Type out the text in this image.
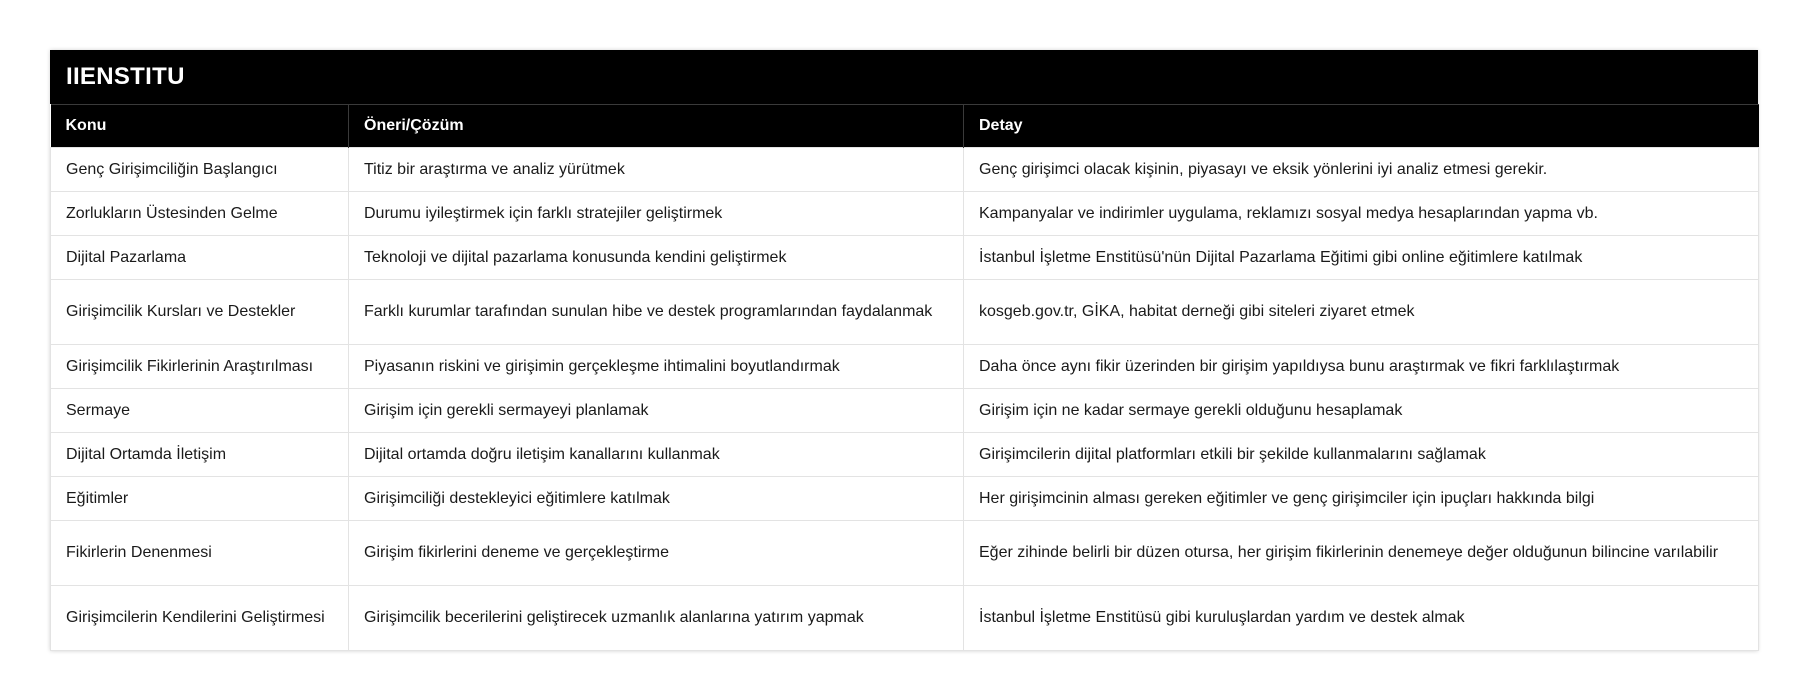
IIENSTITU
Konu	Öneri/Çözüm	Detay
Genç Girişimciliğin Başlangıcı	Titiz bir araştırma ve analiz yürütmek	Genç girişimci olacak kişinin, piyasayı ve eksik yönlerini iyi analiz etmesi gerekir.
Zorlukların Üstesinden Gelme	Durumu iyileştirmek için farklı stratejiler geliştirmek	Kampanyalar ve indirimler uygulama, reklamızı sosyal medya hesaplarından yapma vb.
Dijital Pazarlama	Teknoloji ve dijital pazarlama konusunda kendini geliştirmek	İstanbul İşletme Enstitüsü'nün Dijital Pazarlama Eğitimi gibi online eğitimlere katılmak
Girişimcilik Kursları ve Destekler	Farklı kurumlar tarafından sunulan hibe ve destek programlarından faydalanmak	kosgeb.gov.tr, GİKA, habitat derneği gibi siteleri ziyaret etmek
Girişimcilik Fikirlerinin Araştırılması	Piyasanın riskini ve girişimin gerçekleşme ihtimalini boyutlandırmak	Daha önce aynı fikir üzerinden bir girişim yapıldıysa bunu araştırmak ve fikri farklılaştırmak
Sermaye	Girişim için gerekli sermayeyi planlamak	Girişim için ne kadar sermaye gerekli olduğunu hesaplamak
Dijital Ortamda İletişim	Dijital ortamda doğru iletişim kanallarını kullanmak	Girişimcilerin dijital platformları etkili bir şekilde kullanmalarını sağlamak
Eğitimler	Girişimciliği destekleyici eğitimlere katılmak	Her girişimcinin alması gereken eğitimler ve genç girişimciler için ipuçları hakkında bilgi
Fikirlerin Denenmesi	Girişim fikirlerini deneme ve gerçekleştirme	Eğer zihinde belirli bir düzen otursa, her girişim fikirlerinin denemeye değer olduğunun bilincine varılabilir
Girişimcilerin Kendilerini Geliştirmesi	Girişimcilik becerilerini geliştirecek uzmanlık alanlarına yatırım yapmak	İstanbul İşletme Enstitüsü gibi kuruluşlardan yardım ve destek almak
